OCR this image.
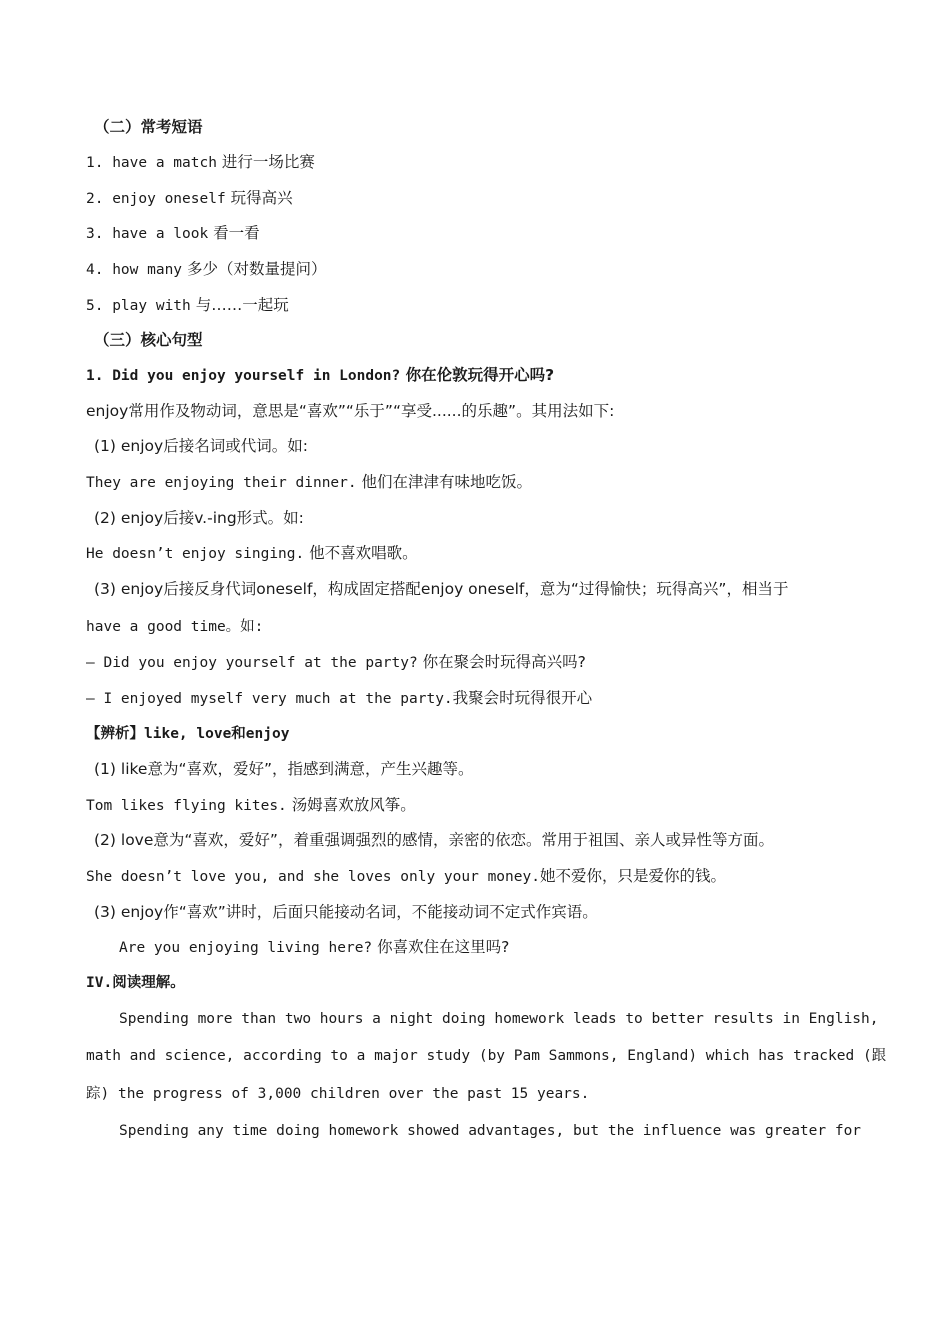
（二）常考短语
1. have a match 进行一场比赛
2. enjoy oneself 玩得高兴
3. have a look 看一看
4. how many 多少（对数量提问）
5. play with 与……一起玩
（三）核心句型
1. Did you enjoy yourself in London? 你在伦敦玩得开心吗?
enjoy常用作及物动词，意思是“喜欢”“乐于”“享受......的乐趣”。其用法如下:
(1) enjoy后接名词或代词。如:
They are enjoying their dinner. 他们在津津有味地吃饭。
(2) enjoy后接v.-ing形式。如:
He doesn’t enjoy singing. 他不喜欢唱歌。
(3) enjoy后接反身代词oneself，构成固定搭配enjoy oneself，意为“过得愉快；玩得高兴”，相当于
have a good time。如:
— Did you enjoy yourself at the party? 你在聚会时玩得高兴吗?
— I enjoyed myself very much at the party.我聚会时玩得很开心
【辨析】like, love和enjoy
(1) like意为“喜欢，爱好”，指感到满意，产生兴趣等。
Tom likes flying kites. 汤姆喜欢放风筝。
(2) love意为“喜欢，爱好”，着重强调强烈的感情，亲密的依恋。常用于祖国、亲人或异性等方面。
She doesn’t love you, and she loves only your money.她不爱你，只是爱你的钱。
(3) enjoy作“喜欢”讲时，后面只能接动名词，不能接动词不定式作宾语。
Are you enjoying living here? 你喜欢住在这里吗?
IV.阅读理解。
Spending more than two hours a night doing homework leads to better results in English,
math and science, according to a major study (by Pam Sammons, England) which has tracked (跟
踪) the progress of 3,000 children over the past 15 years.
Spending any time doing homework showed advantages, but the influence was greater for
